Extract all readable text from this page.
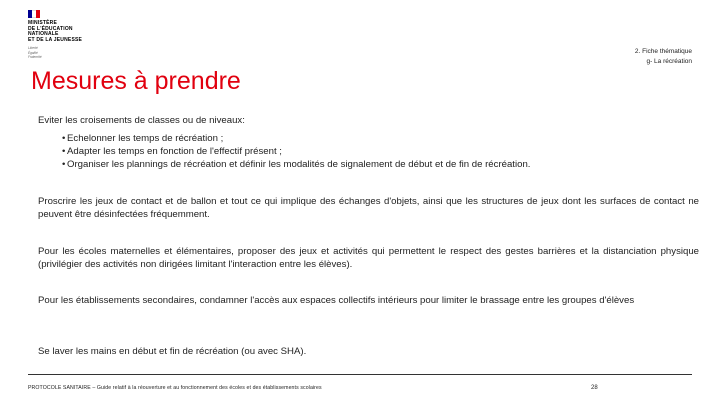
MINISTÈRE
DE L'ÉDUCATION
NATIONALE
ET DE LA JEUNESSE
Liberté
Égalité
Fraternité
2. Fiche thématique
g- La récréation
Mesures à prendre

Eviter les croisements de classes ou de niveaux:

• Echelonner les temps de récréation ;
• Adapter les temps en fonction de l'effectif présent ;
• Organiser les plannings de récréation et définir les modalités de signalement de début et de fin de récréation.

Proscrire les jeux de contact et de ballon et tout ce qui implique des échanges d'objets, ainsi que les structures de jeux dont les surfaces de contact ne peuvent être désinfectées fréquemment.

Pour les écoles maternelles et élémentaires, proposer des jeux et activités qui permettent le respect des gestes barrières et la distanciation physique (privilégier des activités non dirigées limitant l'interaction entre les élèves).

Pour les établissements secondaires, condamner l'accès aux espaces collectifs intérieurs pour limiter le brassage entre les groupes d'élèves

Se laver les mains en début et fin de récréation (ou avec SHA).

PROTOCOLE SANITAIRE – Guide relatif à la réouverture et au fonctionnement des écoles et des établissements scolaires	28
